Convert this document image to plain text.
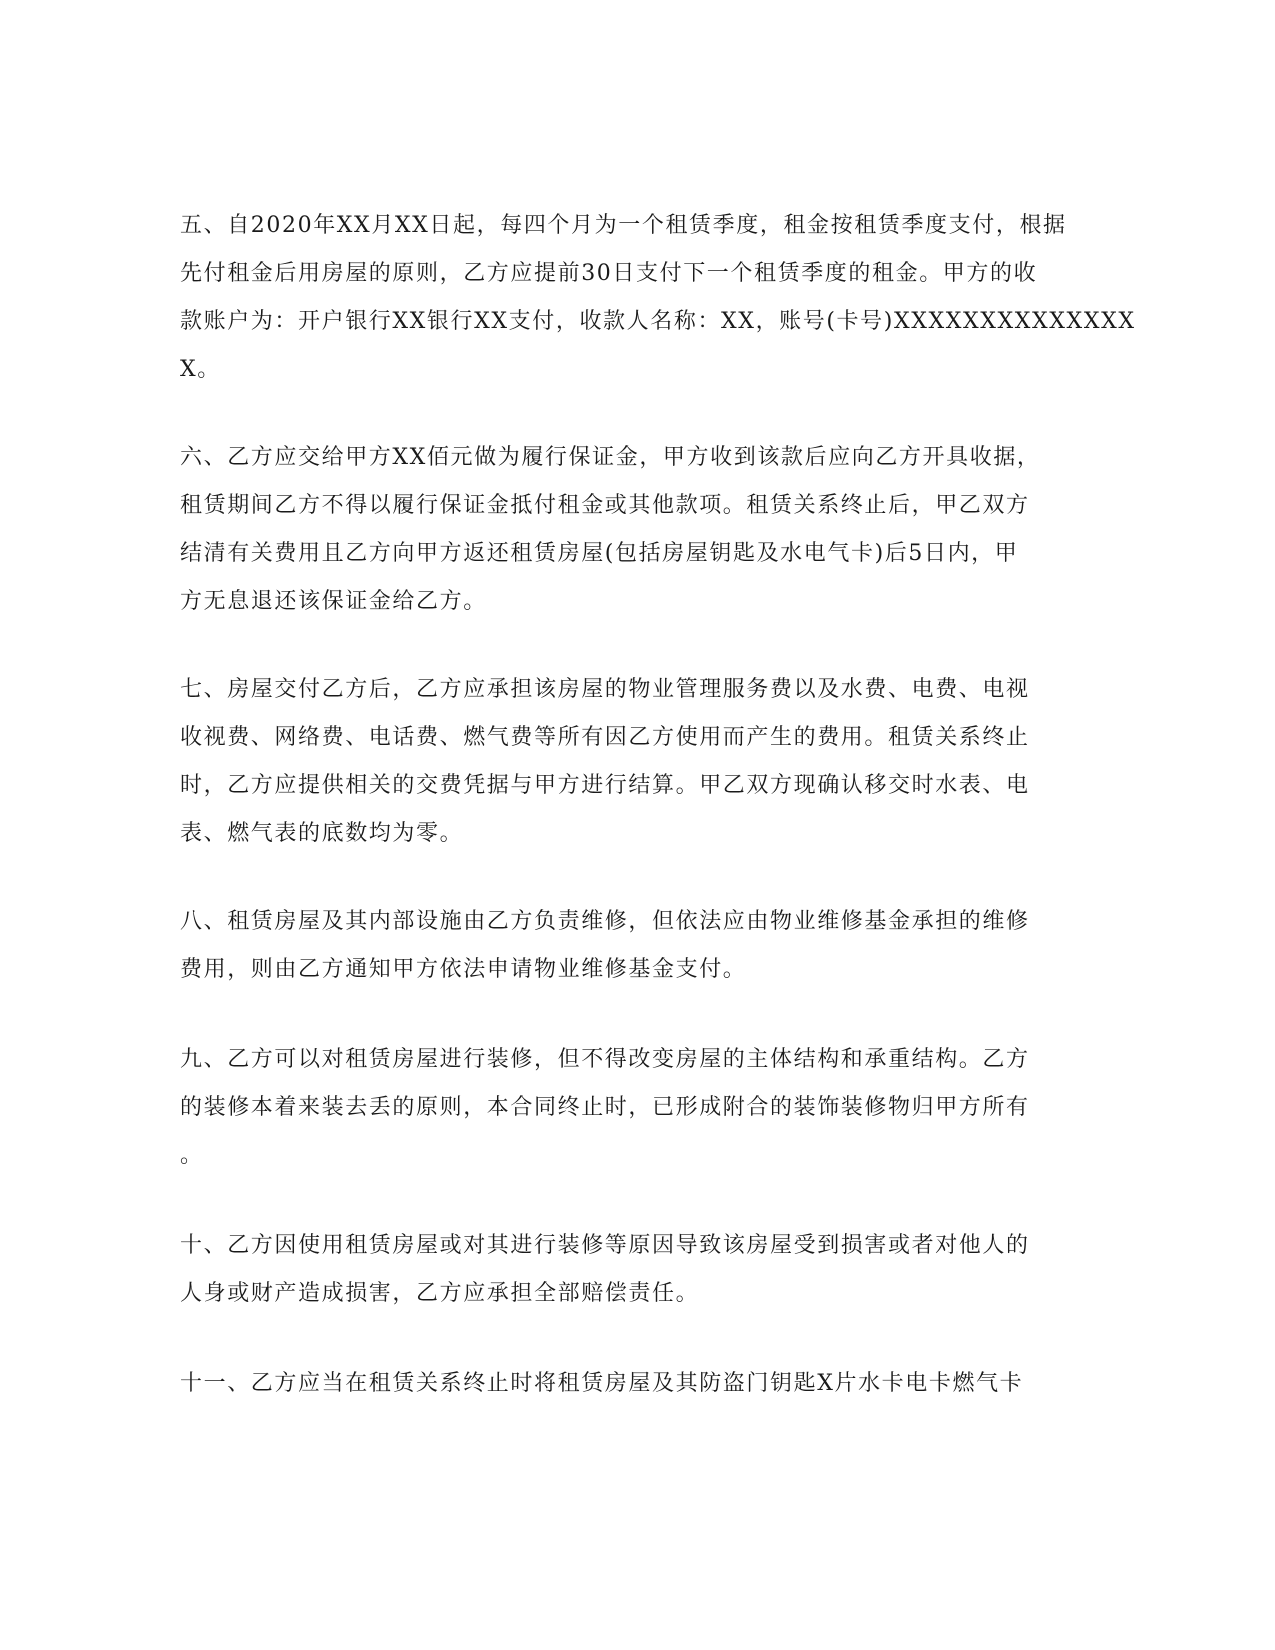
五、自2020年XX月XX日起，每四个月为一个租赁季度，租金按租赁季度支付，根据
先付租金后用房屋的原则，乙方应提前30日支付下一个租赁季度的租金。甲方的收
款账户为：开户银行XX银行XX支付，收款人名称：XX，账号(卡号)XXXXXXXXXXXXXX
X。

六、乙方应交给甲方XX佰元做为履行保证金，甲方收到该款后应向乙方开具收据，
租赁期间乙方不得以履行保证金抵付租金或其他款项。租赁关系终止后，甲乙双方
结清有关费用且乙方向甲方返还租赁房屋(包括房屋钥匙及水电气卡)后5日内，甲
方无息退还该保证金给乙方。

七、房屋交付乙方后，乙方应承担该房屋的物业管理服务费以及水费、电费、电视
收视费、网络费、电话费、燃气费等所有因乙方使用而产生的费用。租赁关系终止
时，乙方应提供相关的交费凭据与甲方进行结算。甲乙双方现确认移交时水表、电
表、燃气表的底数均为零。

八、租赁房屋及其内部设施由乙方负责维修，但依法应由物业维修基金承担的维修
费用，则由乙方通知甲方依法申请物业维修基金支付。

九、乙方可以对租赁房屋进行装修，但不得改变房屋的主体结构和承重结构。乙方
的装修本着来装去丢的原则，本合同终止时，已形成附合的装饰装修物归甲方所有
。

十、乙方因使用租赁房屋或对其进行装修等原因导致该房屋受到损害或者对他人的
人身或财产造成损害，乙方应承担全部赔偿责任。

十一、乙方应当在租赁关系终止时将租赁房屋及其防盗门钥匙X片水卡电卡燃气卡
